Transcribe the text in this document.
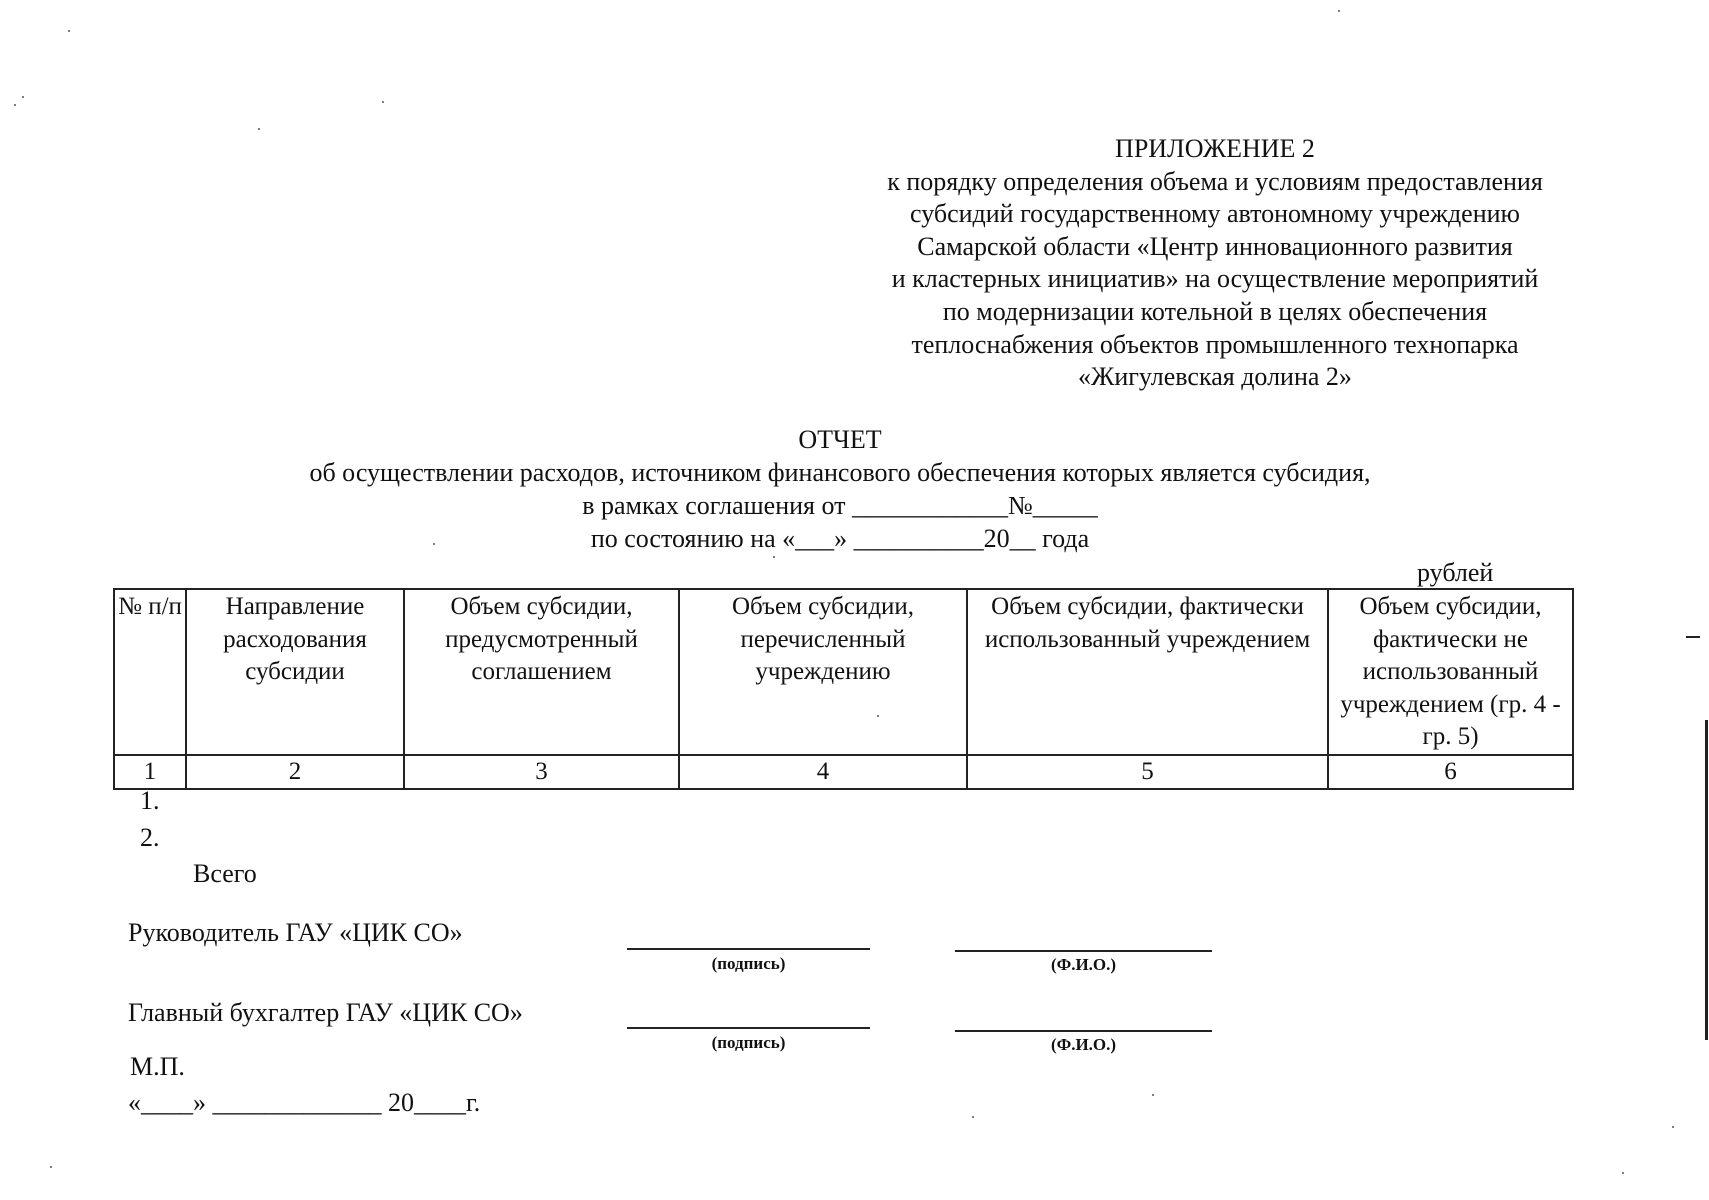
ПРИЛОЖЕНИЕ 2
к порядку определения объема и условиям предоставления
субсидий государственному автономному учреждению
Самарской области «Центр инновационного развития
и кластерных инициатив» на осуществление мероприятий
по модернизации котельной в целях обеспечения
теплоснабжения объектов промышленного технопарка
«Жигулевская долина 2»
ОТЧЕТ
об осуществлении расходов, источником финансового обеспечения которых является субсидия,
в рамках соглашения от ____________№_____
по состоянию на «___» __________20__ года
рублей
№ п/п	Направление расходования субсидии	Объем субсидии, предусмотренный соглашением	Объем субсидии, перечисленный учреждению	Объем субсидии, фактически использованный учреждением	Объем субсидии, фактически не использованный учреждением (гр. 4 - гр. 5)
1	2	3	4	5	6
1.
2.
Всего
Руководитель ГАУ «ЦИК СО»
(подпись)	(Ф.И.О.)
Главный бухгалтер ГАУ «ЦИК СО»
(подпись)	(Ф.И.О.)
М.П.
«____» _____________ 20____г.
